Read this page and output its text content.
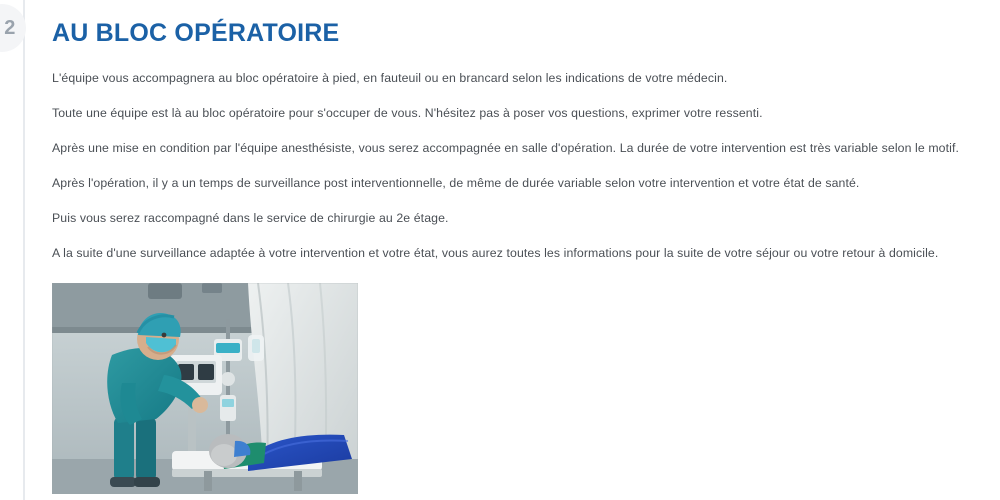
2 AU BLOC OPÉRATOIRE

L'équipe vous accompagnera au bloc opératoire à pied, en fauteuil ou en brancard selon les indications de votre médecin.

Toute une équipe est là au bloc opératoire pour s'occuper de vous. N'hésitez pas à poser vos questions, exprimer votre ressenti.

Après une mise en condition par l'équipe anesthésiste, vous serez accompagnée en salle d'opération. La durée de votre intervention est très variable selon le motif.

Après l'opération, il y a un temps de surveillance post interventionnelle, de même de durée variable selon votre intervention et votre état de santé.

Puis vous serez raccompagné dans le service de chirurgie au 2e étage.

A la suite d'une surveillance adaptée à votre intervention et votre état, vous aurez toutes les informations pour la suite de votre séjour ou votre retour à domicile.
